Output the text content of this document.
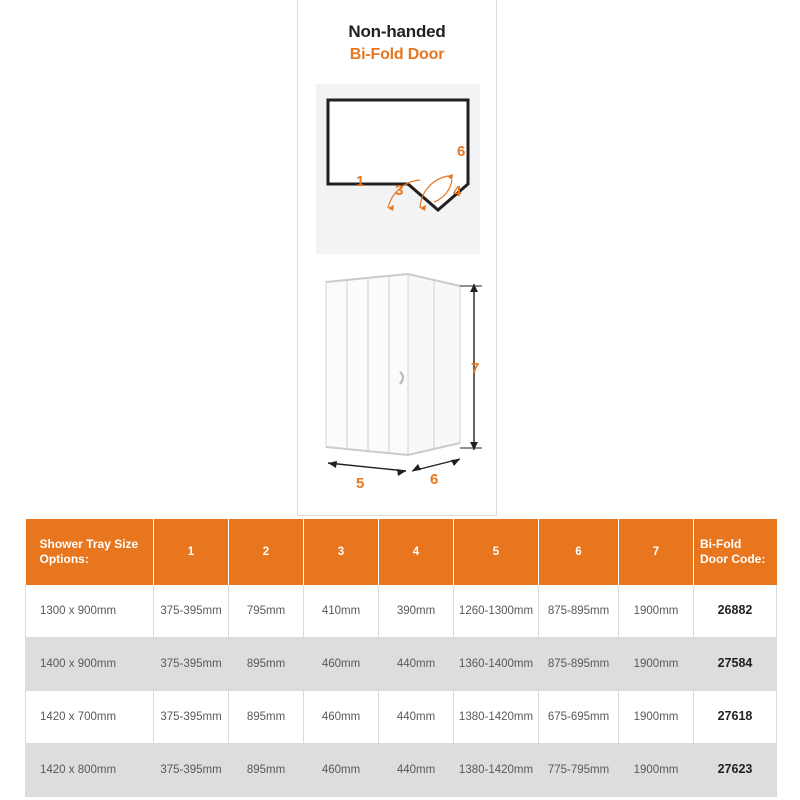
Non-handed
Bi-Fold Door
1
3	4
6
7
5	6
Shower Tray Size Options:	1	2	3	4	5	6	7	Bi-Fold Door Code:
1300 x 900mm	375-395mm	795mm	410mm	390mm	1260-1300mm	875-895mm	1900mm	26882
1400 x 900mm	375-395mm	895mm	460mm	440mm	1360-1400mm	875-895mm	1900mm	27584
1420 x 700mm	375-395mm	895mm	460mm	440mm	1380-1420mm	675-695mm	1900mm	27618
1420 x 800mm	375-395mm	895mm	460mm	440mm	1380-1420mm	775-795mm	1900mm	27623
